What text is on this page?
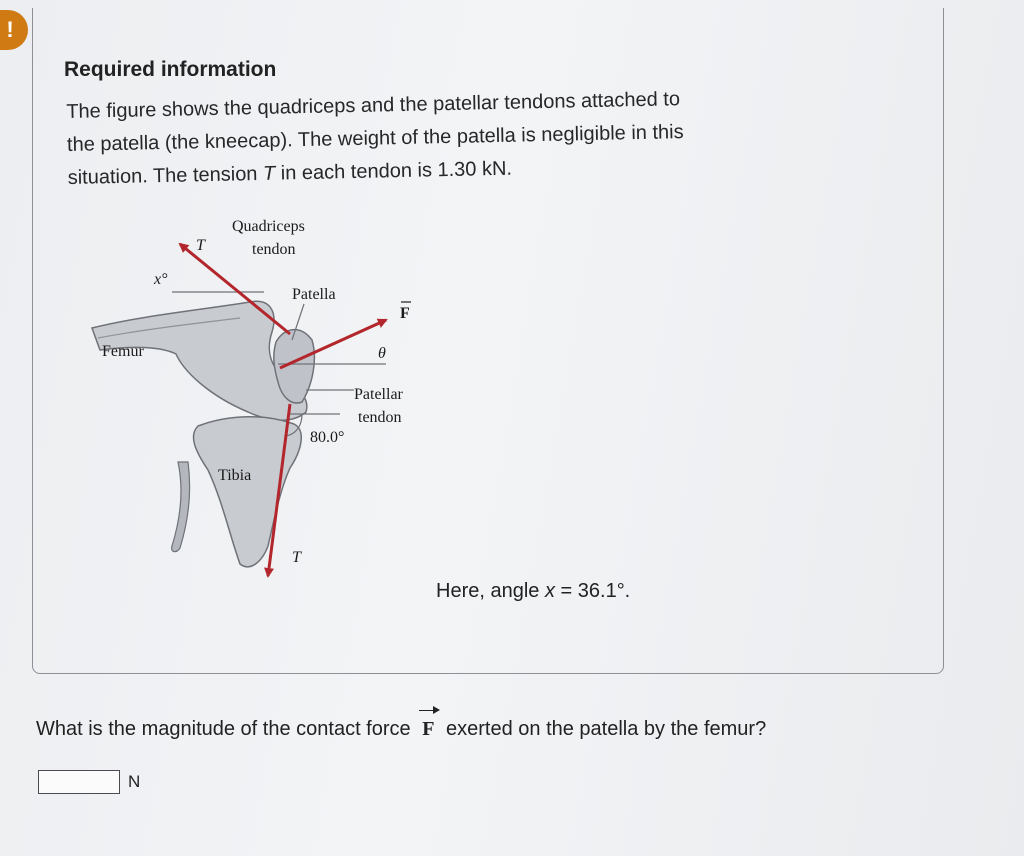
!
Required information
The figure shows the quadriceps and the patellar tendons attached to
the patella (the kneecap). The weight of the patella is negligible in this
situation. The tension T in each tendon is 1.30 kN.
Quadriceps
tendon
T
x°
Patella
F
Femur	θ
Patellar
tendon
80.0°
Tibia
T
Here, angle x = 36.1°.
What is the magnitude of the contact force F exerted on the patella by the femur?
N
